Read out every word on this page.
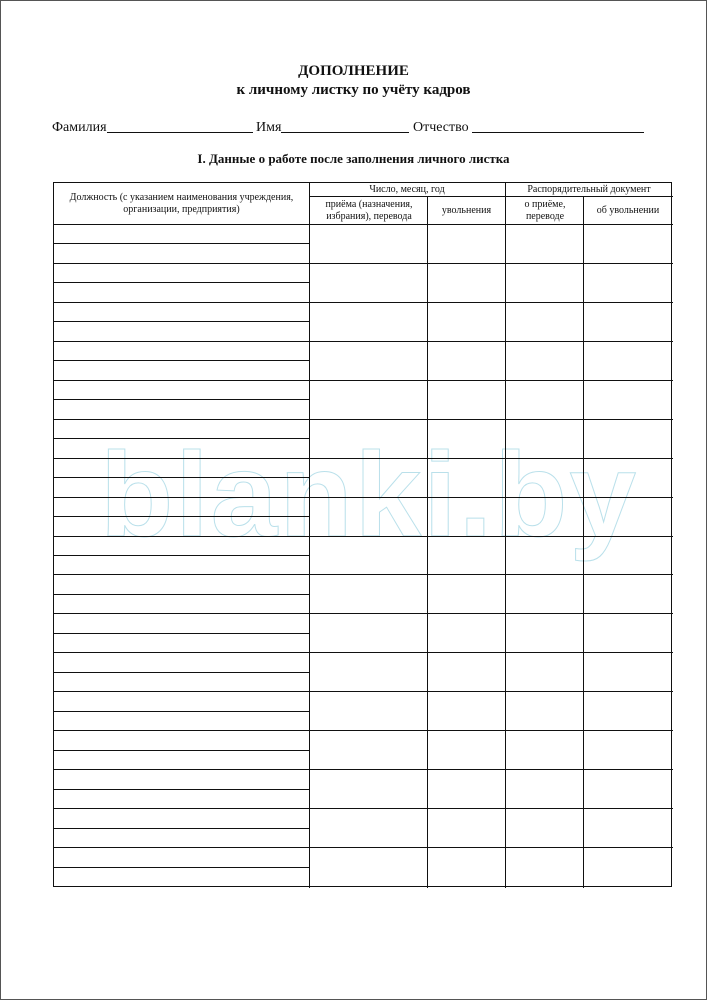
ДОПОЛНЕНИЕ
к личному листку по учёту кадров
Фамилия	Имя	Отчество
I. Данные о работе после заполнения личного листка
blanki.by
Должность (с указанием наименования учреждения, организации, предприятия)
Число, месяц, год
приёма (назначения, избрания), перевода
увольнения
Распорядительный документ
о приёме, переводе
об увольнении
